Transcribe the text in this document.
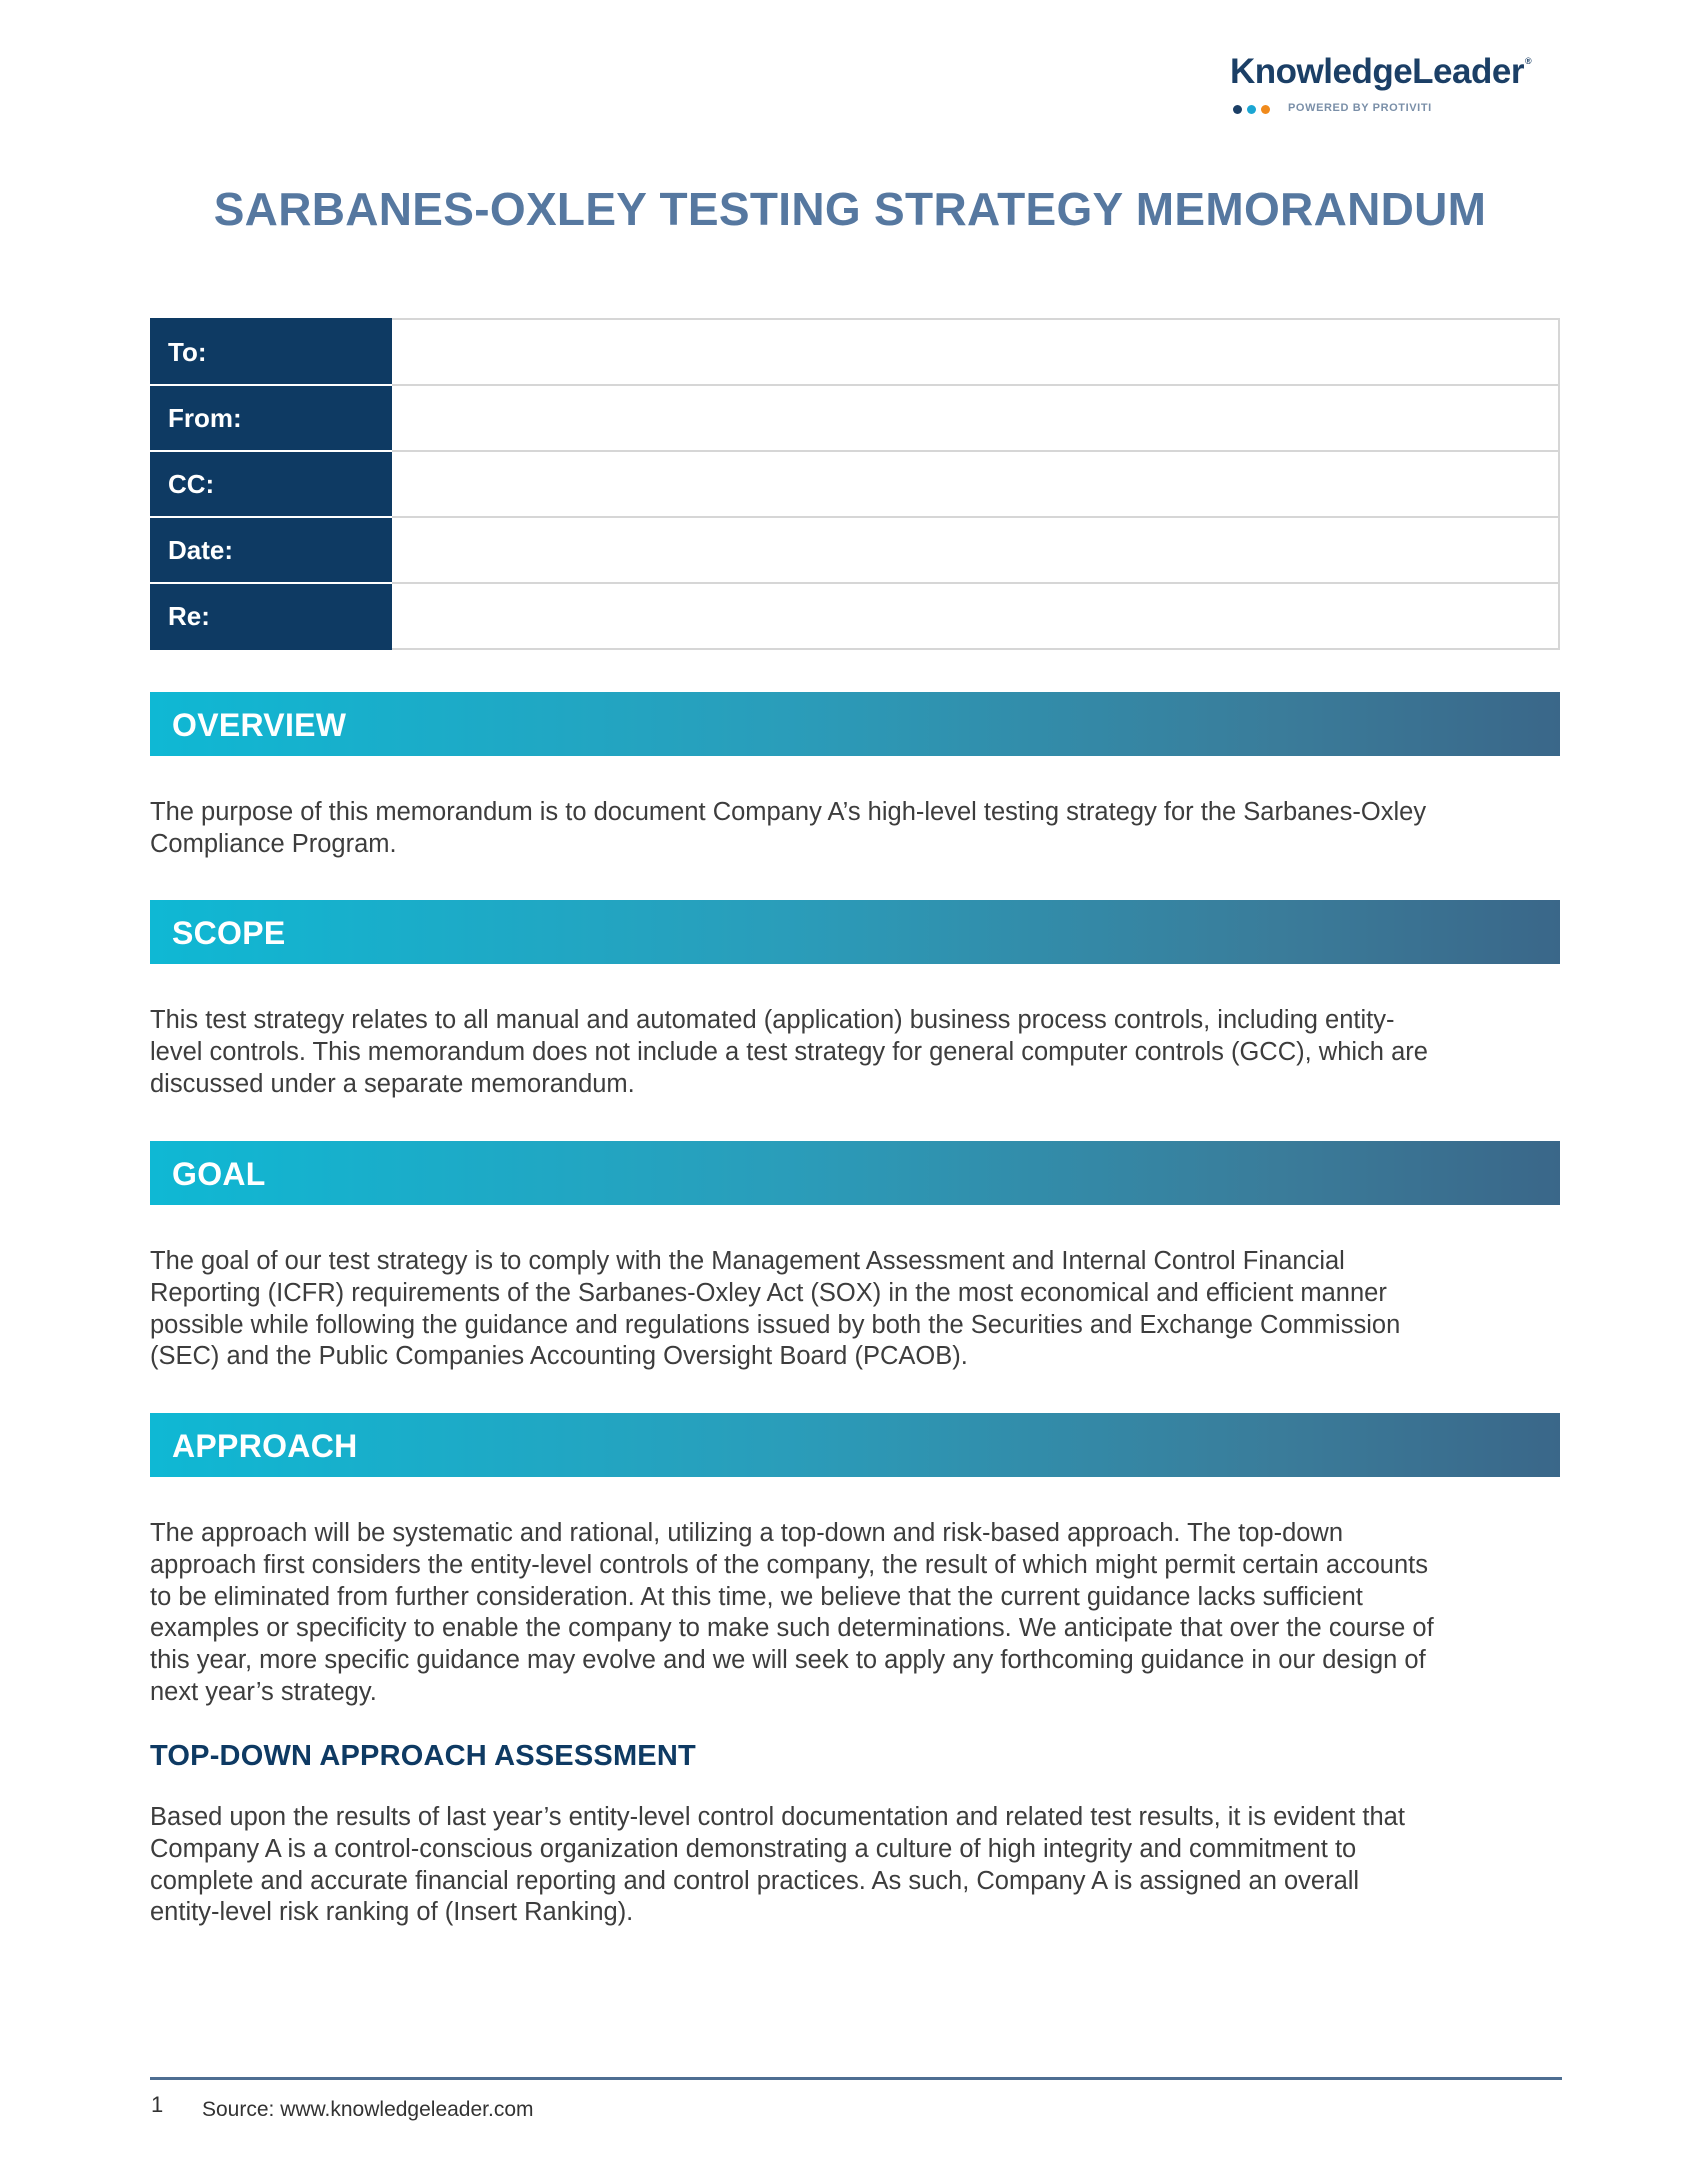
KnowledgeLeader®
POWERED BY PROTIVITI
SARBANES-OXLEY TESTING STRATEGY MEMORANDUM
To:	
From:	
CC:	
Date:	
Re:	
OVERVIEW

The purpose of this memorandum is to document Company A’s high-level testing strategy for the Sarbanes-Oxley
Compliance Program.

SCOPE

This test strategy relates to all manual and automated (application) business process controls, including entity-
level controls. This memorandum does not include a test strategy for general computer controls (GCC), which are
discussed under a separate memorandum.

GOAL

The goal of our test strategy is to comply with the Management Assessment and Internal Control Financial
Reporting (ICFR) requirements of the Sarbanes-Oxley Act (SOX) in the most economical and efficient manner
possible while following the guidance and regulations issued by both the Securities and Exchange Commission
(SEC) and the Public Companies Accounting Oversight Board (PCAOB).

APPROACH

The approach will be systematic and rational, utilizing a top-down and risk-based approach. The top-down
approach first considers the entity-level controls of the company, the result of which might permit certain accounts
to be eliminated from further consideration. At this time, we believe that the current guidance lacks sufficient
examples or specificity to enable the company to make such determinations. We anticipate that over the course of
this year, more specific guidance may evolve and we will seek to apply any forthcoming guidance in our design of
next year’s strategy.

TOP-DOWN APPROACH ASSESSMENT

Based upon the results of last year’s entity-level control documentation and related test results, it is evident that
Company A is a control-conscious organization demonstrating a culture of high integrity and commitment to
complete and accurate financial reporting and control practices. As such, Company A is assigned an overall
entity-level risk ranking of (Insert Ranking).

1 Source: www.knowledgeleader.com
